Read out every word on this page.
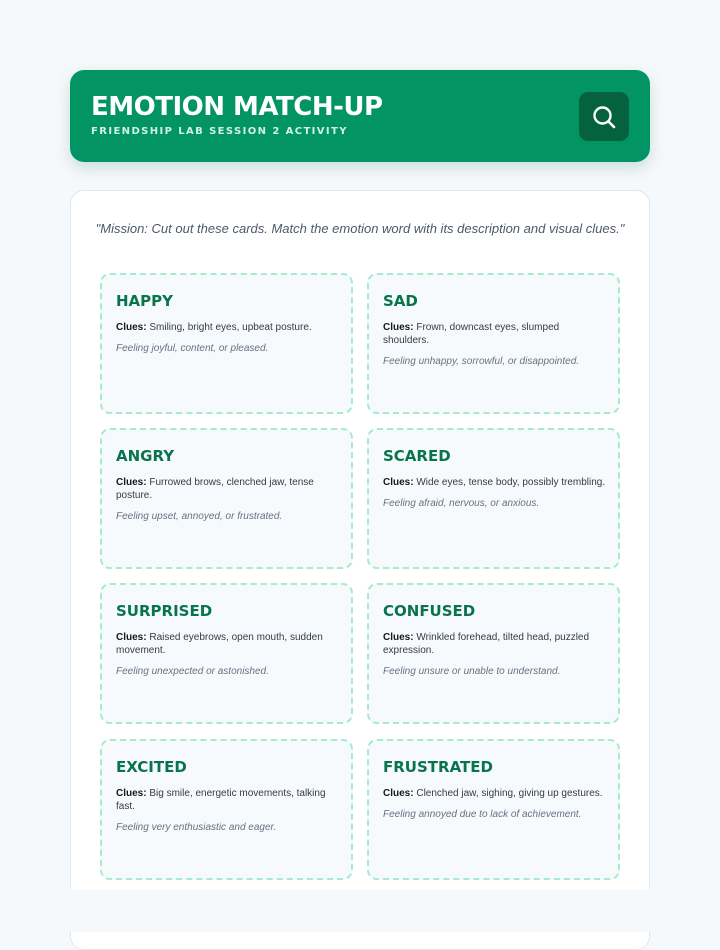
EMOTION MATCH-UP
FRIENDSHIP LAB SESSION 2 ACTIVITY
"Mission: Cut out these cards. Match the emotion word with its description and visual clues."
HAPPY
Clues: Smiling, bright eyes, upbeat posture.
Feeling joyful, content, or pleased.
SAD
Clues: Frown, downcast eyes, slumped shoulders.
Feeling unhappy, sorrowful, or disappointed.
ANGRY
Clues: Furrowed brows, clenched jaw, tense posture.
Feeling upset, annoyed, or frustrated.
SCARED
Clues: Wide eyes, tense body, possibly trembling.
Feeling afraid, nervous, or anxious.
SURPRISED
Clues: Raised eyebrows, open mouth, sudden movement.
Feeling unexpected or astonished.
CONFUSED
Clues: Wrinkled forehead, tilted head, puzzled expression.
Feeling unsure or unable to understand.
EXCITED
Clues: Big smile, energetic movements, talking fast.
Feeling very enthusiastic and eager.
FRUSTRATED
Clues: Clenched jaw, sighing, giving up gestures.
Feeling annoyed due to lack of achievement.
